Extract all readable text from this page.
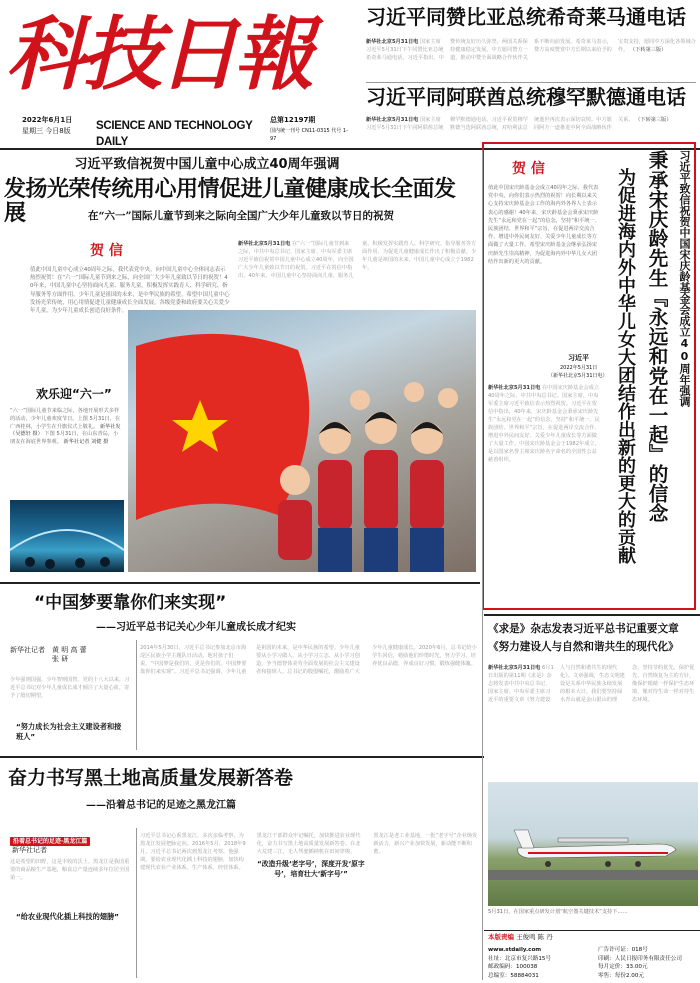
科技日報
2022年6月1日
星期三 今日8版	SCIENCE AND TECHNOLOGY DAILY
总第12197期
国内统一刊号 CN11-0315 代号 1-97
习近平同赞比亚总统希奇莱马通电话
新华社北京5月31日电 国家主席习近平5月31日下午同赞比亚总统希奇莱马通电话。习近平指出，中赞传统友好历久弥坚，两国关系保持健康稳定发展。中方愿同赞方一道，推动中赞全面战略合作伙伴关系不断向前发展。希奇莱马表示，赞方高度赞赏中方长期以来给予的宝贵支持，愿同中方深化各领域合作。 （下转第三版）
习近平同阿联酋总统穆罕默德通电话
新华社北京5月31日电 国家主席习近平5月31日下午同阿联酋总统穆罕默德通电话。习近平祝贺穆罕默德当选阿联酋总统，对哈利法总统逝世再次表示深切哀悼。中方愿同阿方一道推进中阿全面战略伙伴关系。 （下转第三版）
习近平致信祝贺中国儿童中心成立40周年强调
发扬光荣传统用心用情促进儿童健康成长全面发展	在“六一”国际儿童节到来之际向全国广大少年儿童致以节日的祝贺
贺 信
值此中国儿童中心成立40周年之际，我代表党中央，向中国儿童中心全体同志表示热烈祝贺！在“六一”国际儿童节到来之际，向全国广大少年儿童致以节日的祝贺！40年来，中国儿童中心坚持面向儿童、服务儿童，积极发挥实践育人、科学研究、指导服务等方面作用。少年儿童是祖国的未来，是中华民族的希望。希望中国儿童中心发扬光荣传统，用心用情促进儿童健康成长全面发展。各级党委和政府要关心关爱少年儿童，为少年儿童成长创造良好条件。
新华社北京5月31日电 在“六一”国际儿童节到来之际，中共中央总书记、国家主席、中央军委主席习近平致信祝贺中国儿童中心成立40周年，向全国广大少年儿童致以节日的祝贺。习近平在贺信中指出，40年来，中国儿童中心坚持面向儿童、服务儿童，积极发挥实践育人、科学研究、指导服务等方面作用，为促进儿童健康成长作出了积极贡献。少年儿童是祖国的未来。中国儿童中心成立于1982年。
欢乐迎“六一”
“六一”国际儿童节来临之际，各地开展形式多样的活动，少年儿童欢度节日。上图 5月31日，在广西桂林，小学生在升旗仪式上敬礼。 新华社发（吴德轩 摄） 下图 5月31日，在山东青岛，小朋友在海底世界参观。 新华社记者 刘健 摄
贺 信
值此中国宋庆龄基金会成立40周年之际，我代表党中央，向你们表示热烈的祝贺！向长期以来关心支持宋庆龄基金会工作的海内外各界人士表示衷心的感谢！40年来，宋庆龄基金会秉承宋庆龄先生“永远和党在一起”的信念，坚持“和平统一、民族团结、世界和平”宗旨，在促进两岸交流合作、增进中外民间友好、关爱少年儿童成长等方面做了大量工作。希望宋庆龄基金会继承弘扬宋庆龄先生崇高精神，为促进海内外中华儿女大团结作出新的更大的贡献。
习近平
2022年5月31日
（新华社北京5月31日电）
新华社北京5月31日电 在中国宋庆龄基金会成立40周年之际，中共中央总书记、国家主席、中央军委主席习近平致信表示热烈祝贺。习近平在贺信中指出，40年来，宋庆龄基金会秉承宋庆龄先生“永远和党在一起”的信念，坚持“和平统一、民族团结、世界和平”宗旨，在促进两岸交流合作、增进中外民间友好、关爱少年儿童成长等方面做了大量工作。中国宋庆龄基金会于1982年成立，是以国家名誉主席宋庆龄名字命名的全国性公益慈善组织。	秉承宋庆龄先生『永远和党在一起』的信念
为促进海内外中华儿女大团结作出新的更大的贡献	习近平致信祝贺中国宋庆龄基金会成立40周年强调
“中国梦要靠你们来实现”
——习近平总书记关心少年儿童成长成才纪实
新华社记者	黄 明 高 蕾 张 研
少年强则国强，少年智则国智。党的十八大以来，习近平总书记对少年儿童成长成才倾注了大量心血，寄予了殷切期望。
“努力成长为社会主义建设者和接班人”
2014年5月30日，习近平总书记参加北京市海淀区民族小学主题队日活动。他对孩子们说，“中国梦是我们的，更是你们的。中国梦要靠你们来实现”。习近平总书记强调，少年儿童是祖国的未来，是中华民族的希望。少年儿童要从小学习做人、从小学习立志、从小学习创造，争当德智体美劳全面发展的社会主义建设者和接班人。总书记的殷殷嘱托，激励着广大少年儿童健康成长。2020年6月，总书记给小学生回信，勉励他们珍惜时光，努力学习，培养优良品德，养成良好习惯，锻炼强健体魄。
《求是》杂志发表习近平总书记重要文章
《努力建设人与自然和谐共生的现代化》
新华社北京5月31日电 6月1日出版的第11期《求是》杂志将发表中共中央总书记、国家主席、中央军委主席习近平的重要文章《努力建设人与自然和谐共生的现代化》。文章强调，生态文明建设是关系中华民族永续发展的根本大计。我们要坚持绿水青山就是金山银山的理念，坚持节约优先、保护优先、自然恢复为主的方针，像保护眼睛一样保护生态环境，像对待生命一样对待生态环境。
5月31日，在国家重点研发计划“航空器关键技术”支持下……
奋力书写黑土地高质量发展新答卷
——沿着总书记的足迹之黑龙江篇
沿着总书记的足迹·黑龙江篇
新华社记者
这是希望的田野，这是丰收的沃土。黑龙江是我国重要的商品粮生产基地，粮食总产量连续多年位居全国第一。
“给农业现代化插上科技的翅膀”
习近平总书记心系黑龙江，多次亲临考察，为黑龙江发展把脉定向。2016年5月、2018年9月，习近平总书记两次到黑龙江考察。他强调，要给农业现代化插上科技的翅膀，加快构建现代农业产业体系、生产体系、经营体系。黑龙江干部群众牢记嘱托，加快推进农业现代化，奋力书写黑土地高质量发展新答卷。在北大荒建三江，无人驾驶插秧机在田间穿梭。
“改造升级‘老字号’，深度开发‘原字号’，培育壮大‘新字号’”
黑龙江是老工业基地，一批“老字号”企业焕发新活力，新兴产业加快发展，新动能不断积蓄。
本版责编 王俊鸣 陈 丹
www.stdaily.com
社址：北京市复兴路15号
邮政编码：100038
总编室：58884031
广告许可证：018号
印刷：人民日报印务有限责任公司
每月定价：33.00元
零售：每份2.00元
